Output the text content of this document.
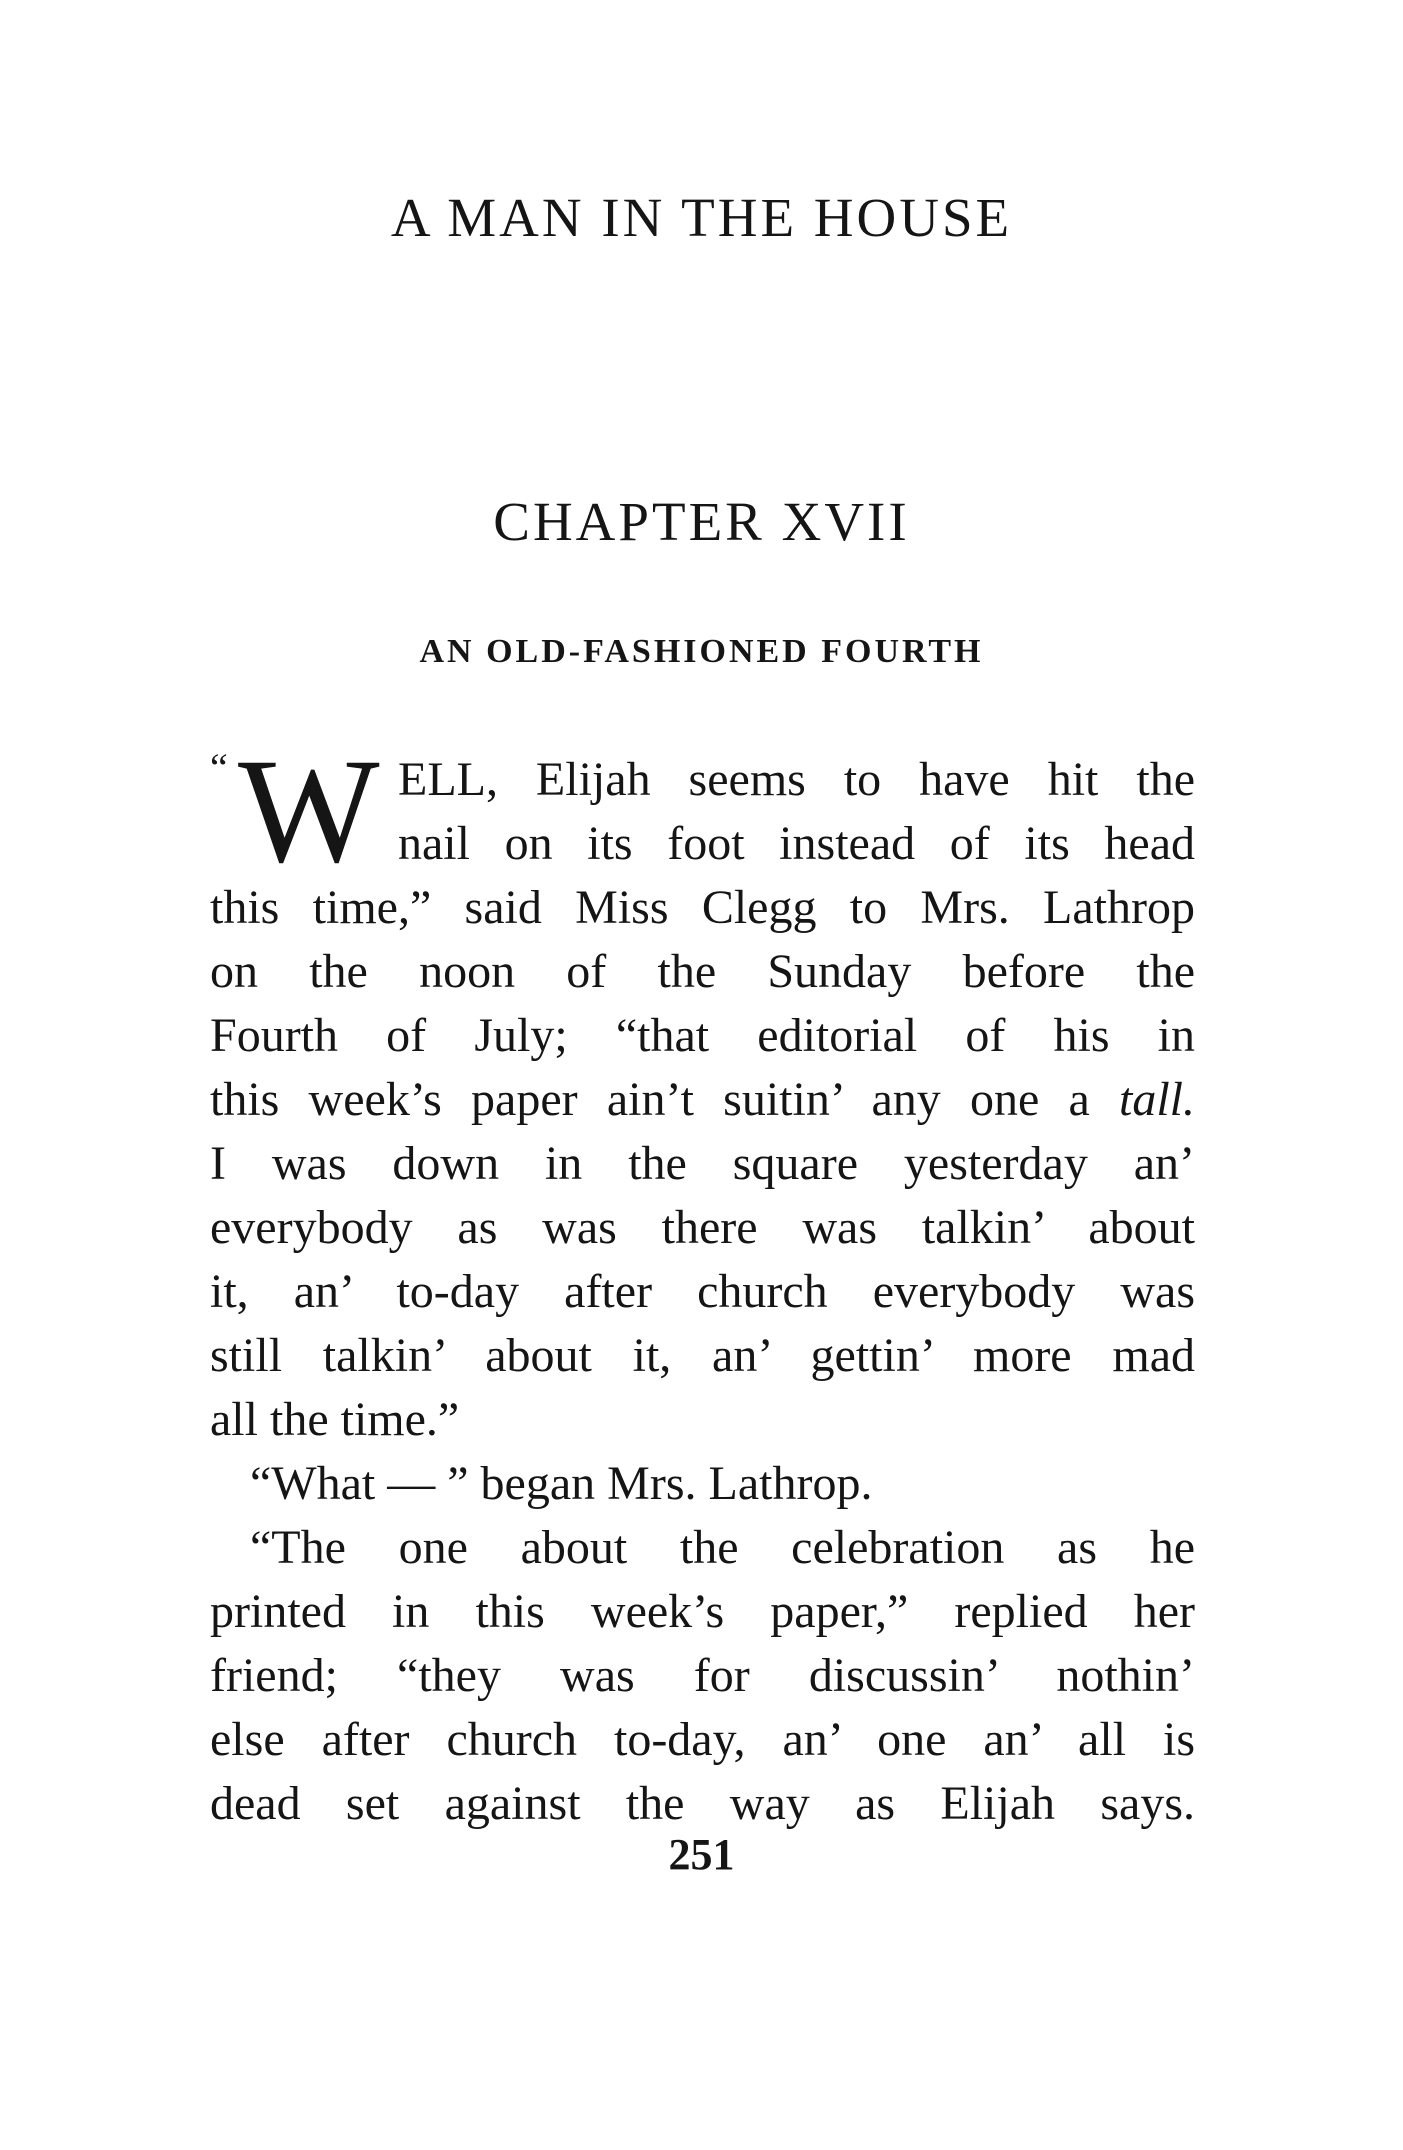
A MAN IN THE HOUSE
CHAPTER XVII
AN OLD-FASHIONED FOURTH
“ W ELL, Elijah seems to have hit the
nail on its foot instead of its head
this time,” said Miss Clegg to Mrs. Lathrop
on the noon of the Sunday before the
Fourth of July; “that editorial of his in
this week’s paper ain’t suitin’ any one a tall.
I was down in the square yesterday an’
everybody as was there was talkin’ about
it, an’ to-day after church everybody was
still talkin’ about it, an’ gettin’ more mad
all the time.”
“What — ” began Mrs. Lathrop.
“The one about the celebration as he
printed in this week’s paper,” replied her
friend; “they was for discussin’ nothin’
else after church to-day, an’ one an’ all is
dead set against the way as Elijah says.
251
